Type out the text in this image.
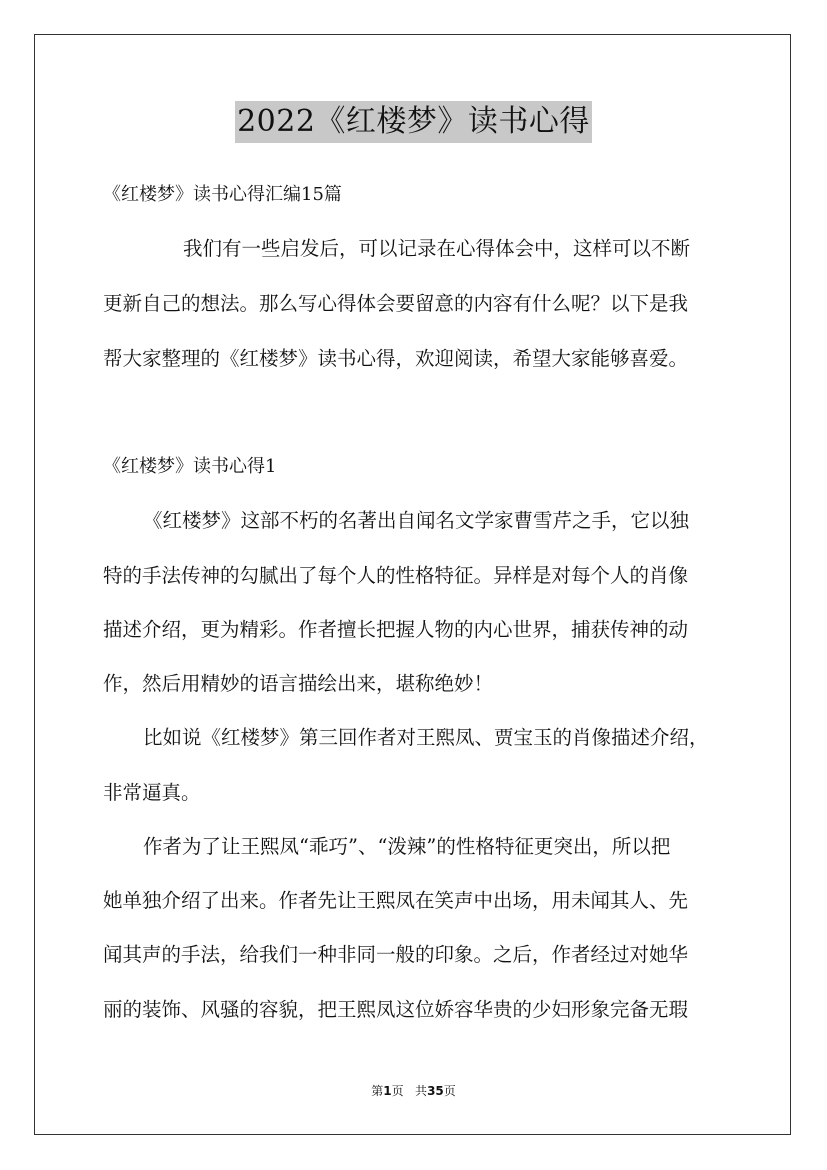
2022《红楼梦》读书心得
《红楼梦》读书心得汇编15篇
我们有一些启发后，可以记录在心得体会中，这样可以不断
更新自己的想法。那么写心得体会要留意的内容有什么呢？以下是我
帮大家整理的《红楼梦》读书心得，欢迎阅读，希望大家能够喜爱。
《红楼梦》读书心得1
《红楼梦》这部不朽的名著出自闻名文学家曹雪芹之手，它以独
特的手法传神的勾腻出了每个人的性格特征。异样是对每个人的肖像
描述介绍，更为精彩。作者擅长把握人物的内心世界，捕获传神的动
作，然后用精妙的语言描绘出来，堪称绝妙！
比如说《红楼梦》第三回作者对王熙凤、贾宝玉的肖像描述介绍，
非常逼真。
作者为了让王熙凤“乖巧”、“泼辣”的性格特征更突出，所以把
她单独介绍了出来。作者先让王熙凤在笑声中出场，用未闻其人、先
闻其声的手法，给我们一种非同一般的印象。之后，作者经过对她华
丽的装饰、风骚的容貌，把王熙凤这位娇容华贵的少妇形象完备无瑕
第1页 共35页
